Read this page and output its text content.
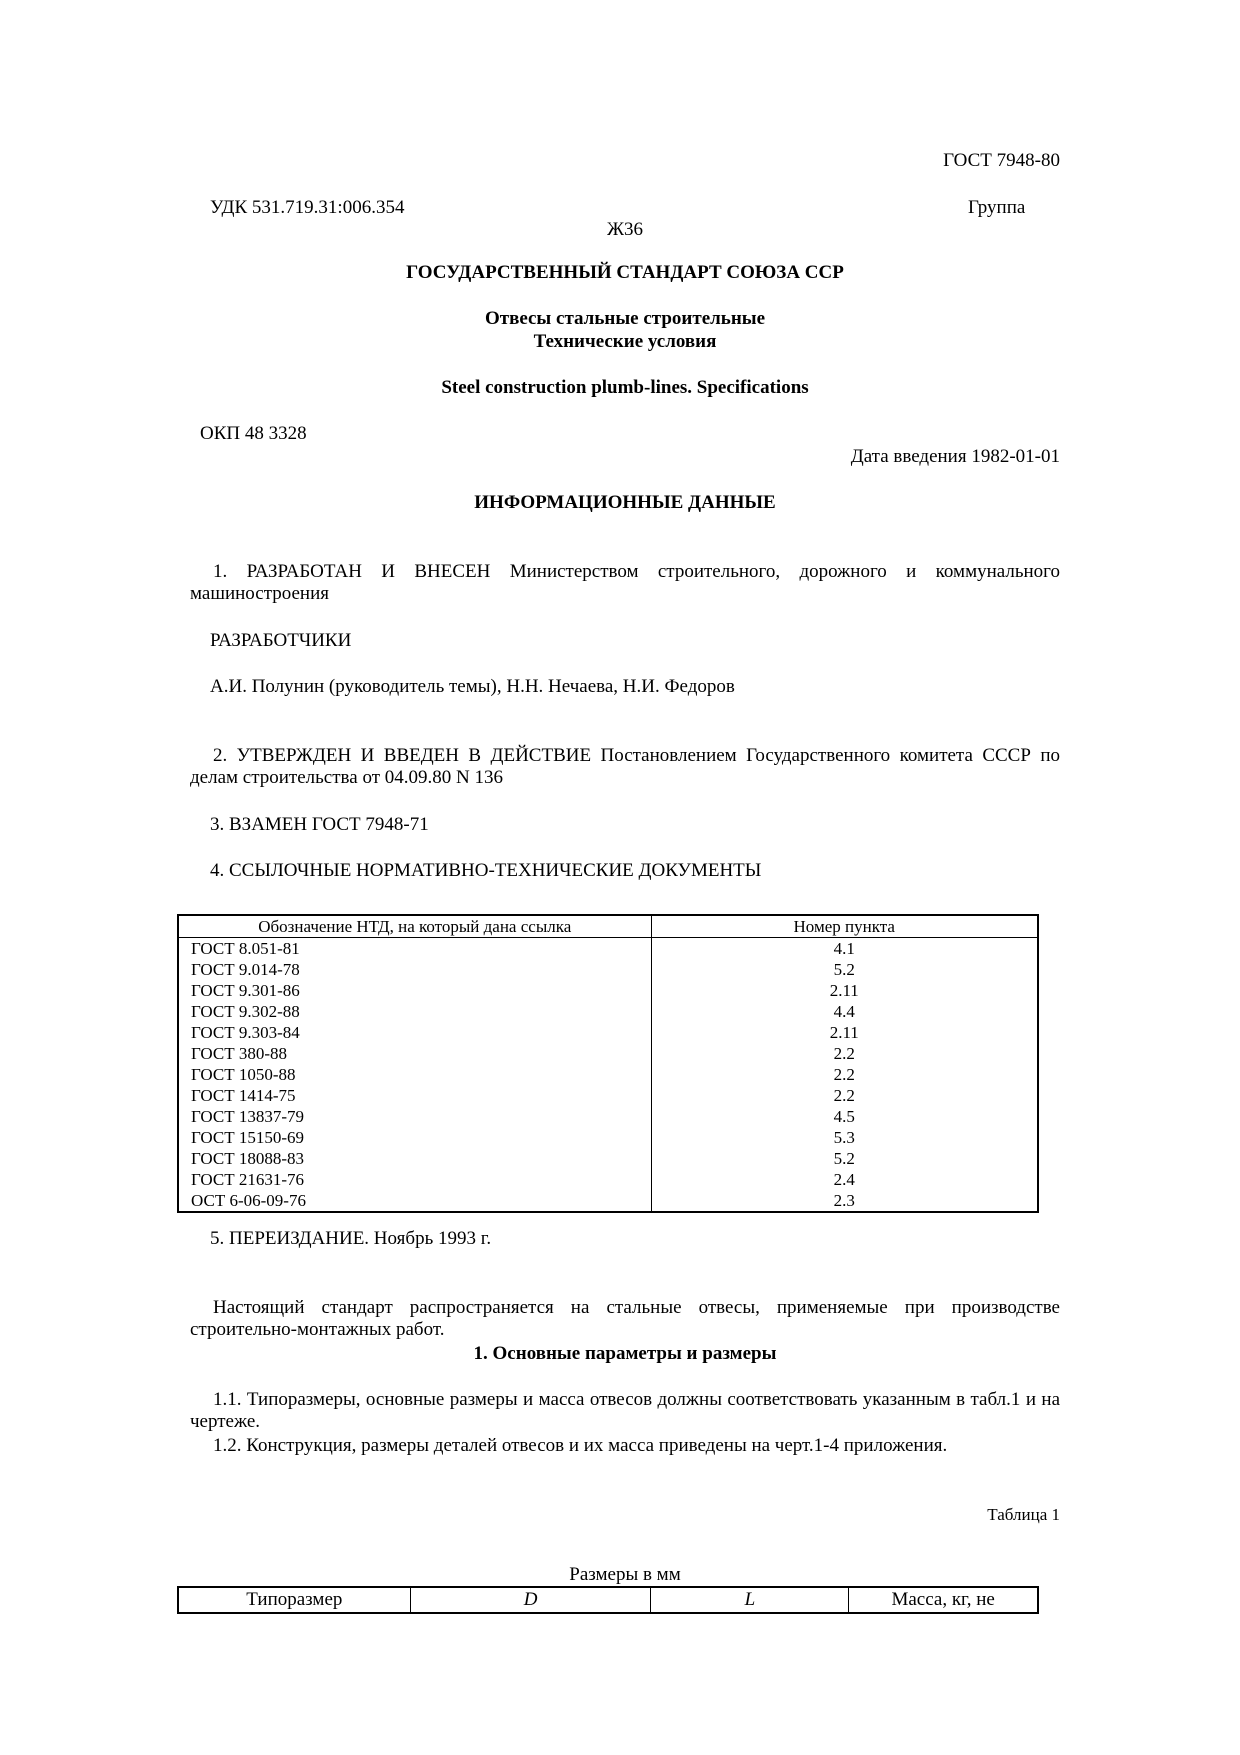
ГОСТ 7948-80
УДК 531.719.31:006.354	Группа
Ж36
ГОСУДАРСТВЕННЫЙ СТАНДАРТ СОЮЗА ССР
Отвесы стальные строительные
Технические условия
Steel construction plumb-lines. Specifications
ОКП 48 3328
Дата введения 1982-01-01
ИНФОРМАЦИОННЫЕ ДАННЫЕ
1. РАЗРАБОТАН И ВНЕСЕН Министерством строительного, дорожного и коммунального машиностроения
РАЗРАБОТЧИКИ
А.И. Полунин (руководитель темы), Н.Н. Нечаева, Н.И. Федоров
2. УТВЕРЖДЕН И ВВЕДЕН В ДЕЙСТВИЕ Постановлением Государственного комитета СССР по делам строительства от 04.09.80 N 136
3. ВЗАМЕН ГОСТ 7948-71
4. ССЫЛОЧНЫЕ НОРМАТИВНО-ТЕХНИЧЕСКИЕ ДОКУМЕНТЫ
Обозначение НТД, на который дана ссылка	Номер пункта
ГОСТ 8.051-81	4.1
ГОСТ 9.014-78	5.2
ГОСТ 9.301-86	2.11
ГОСТ 9.302-88	4.4
ГОСТ 9.303-84	2.11
ГОСТ 380-88	2.2
ГОСТ 1050-88	2.2
ГОСТ 1414-75	2.2
ГОСТ 13837-79	4.5
ГОСТ 15150-69	5.3
ГОСТ 18088-83	5.2
ГОСТ 21631-76	2.4
ОСТ 6-06-09-76	2.3
5. ПЕРЕИЗДАНИЕ. Ноябрь 1993 г.
Настоящий стандарт распространяется на стальные отвесы, применяемые при производстве строительно-монтажных работ.
1. Основные параметры и размеры
1.1. Типоразмеры, основные размеры и масса отвесов должны соответствовать указанным в табл.1 и на чертеже.
1.2. Конструкция, размеры деталей отвесов и их масса приведены на черт.1-4 приложения.
Таблица 1
Размеры в мм
Типоразмер	D	L	Масса, кг, не
